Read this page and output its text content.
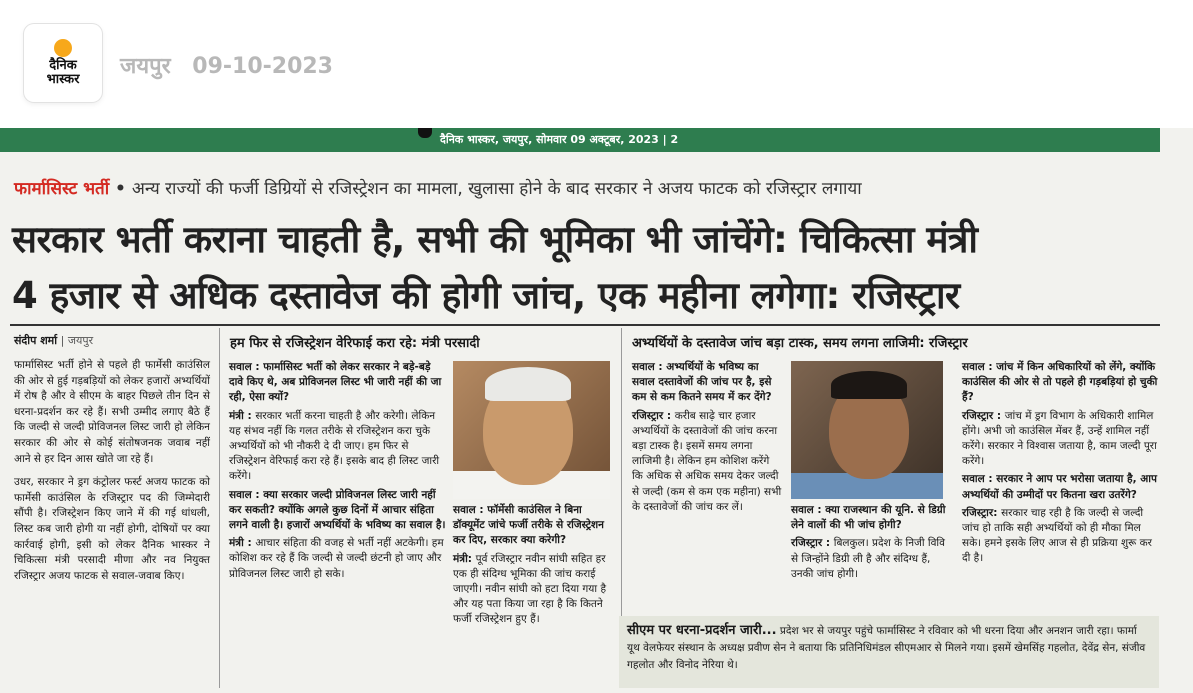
दैनिक
भास्कर
जयपुर 09-10-2023
दैनिक भास्कर, जयपुर, सोमवार 09 अक्टूबर, 2023 | 2
फार्मासिस्ट भर्ती • अन्य राज्यों की फर्जी डिग्रियों से रजिस्ट्रेशन का मामला, खुलासा होने के बाद सरकार ने अजय फाटक को रजिस्ट्रार लगाया
सरकार भर्ती कराना चाहती है, सभी की भूमिका भी जांचेंगे: चिकित्सा मंत्री
4 हजार से अधिक दस्तावेज की होगी जांच, एक महीना लगेगा: रजिस्ट्रार
संदीप शर्मा | जयपुर

फार्मासिस्ट भर्ती होने से पहले ही फार्मेसी काउंसिल की ओर से हुई गड़बड़ियों को लेकर हजारों अभ्यर्थियों में रोष है और वे सीएम के बाहर पिछले तीन दिन से धरना-प्रदर्शन कर रहे हैं। सभी उम्मीद लगाए बैठे हैं कि जल्दी से जल्दी प्रोविजनल लिस्ट जारी हो लेकिन सरकार की ओर से कोई संतोषजनक जवाब नहीं आने से हर दिन आस खोते जा रहे हैं।

उधर, सरकार ने ड्रग कंट्रोलर फर्स्ट अजय फाटक को फार्मेसी काउंसिल के रजिस्ट्रार पद की जिम्मेदारी सौंपी है। रजिस्ट्रेशन किए जाने में की गई धांधली, लिस्ट कब जारी होगी या नहीं होगी, दोषियों पर क्या कार्रवाई होगी, इसी को लेकर दैनिक भास्कर ने चिकित्सा मंत्री परसादी मीणा और नव नियुक्त रजिस्ट्रार अजय फाटक से सवाल-जवाब किए।

हम फिर से रजिस्ट्रेशन वेरिफाई करा रहे: मंत्री परसादी	अभ्यर्थियों के दस्तावेज जांच बड़ा टास्क, समय लगना लाजिमी: रजिस्ट्रार

सवाल : फार्मासिस्ट भर्ती को लेकर सरकार ने बड़े-बड़े दावे किए थे, अब प्रोविजनल लिस्ट भी जारी नहीं की जा रही, ऐसा क्यों?

मंत्री : सरकार भर्ती करना चाहती है और करेगी। लेकिन यह संभव नहीं कि गलत तरीके से रजिस्ट्रेशन करा चुके अभ्यर्थियों को भी नौकरी दे दी जाए। हम फिर से रजिस्ट्रेशन वेरिफाई करा रहे हैं। इसके बाद ही लिस्ट जारी करेंगे।

सवाल : क्या सरकार जल्दी प्रोविजनल लिस्ट जारी नहीं कर सकती? क्योंकि अगले कुछ दिनों में आचार संहिता लगने वाली है। हजारों अभ्यर्थियों के भविष्य का सवाल है।

मंत्री : आचार संहिता की वजह से भर्ती नहीं अटकेगी। हम कोशिश कर रहे हैं कि जल्दी से जल्दी छंटनी हो जाए और प्रोविजनल लिस्ट जारी हो सके।

सवाल : फॉर्मेसी काउंसिल ने बिना डॉक्यूमेंट जांचे फर्जी तरीके से रजिस्ट्रेशन कर दिए, सरकार क्या करेगी?

मंत्री: पूर्व रजिस्ट्रार नवीन सांघी सहित हर एक ही संदिग्ध भूमिका की जांच कराई जाएगी। नवीन सांघी को हटा दिया गया है और यह पता किया जा रहा है कि कितने फर्जी रजिस्ट्रेशन हुए हैं।

सवाल : अभ्यर्थियों के भविष्य का सवाल दस्तावेजों की जांच पर है, इसे कम से कम कितने समय में कर देंगे?

रजिस्ट्रार : करीब साढ़े चार हजार अभ्यर्थियों के दस्तावेजों की जांच करना बड़ा टास्क है। इसमें समय लगना लाजिमी है। लेकिन हम कोशिश करेंगे कि अधिक से अधिक समय देकर जल्दी से जल्दी (कम से कम एक महीना) सभी के दस्तावेजों की जांच कर लें।	सवाल : क्या राजस्थान की यूनि. से डिग्री लेने वालों की भी जांच होगी?

रजिस्ट्रार : बिलकुल। प्रदेश के निजी विवि से जिन्होंने डिग्री ली है और संदिग्ध हैं, उनकी जांच होगी।

सवाल : जांच में किन अधिकारियों को लेंगे, क्योंकि काउंसिल की ओर से तो पहले ही गड़बड़ियां हो चुकी हैं?

रजिस्ट्रार : जांच में ड्रग विभाग के अधिकारी शामिल होंगे। अभी जो काउंसिल मेंबर हैं, उन्हें शामिल नहीं करेंगे। सरकार ने विश्वास जताया है, काम जल्दी पूरा करेंगे।

सवाल : सरकार ने आप पर भरोसा जताया है, आप अभ्यर्थियों की उम्मीदों पर कितना खरा उतरेंगे?

रजिस्ट्रार: सरकार चाह रही है कि जल्दी से जल्दी जांच हो ताकि सही अभ्यर्थियों को ही मौका मिल सके। हमने इसके लिए आज से ही प्रक्रिया शुरू कर दी है।

सीएम पर धरना-प्रदर्शन जारी... प्रदेश भर से जयपुर पहुंचे फार्मासिस्ट ने रविवार को भी धरना दिया और अनशन जारी रहा। फार्मा यूथ वेलफेयर संस्थान के अध्यक्ष प्रवीण सेन ने बताया कि प्रतिनिधिमंडल सीएमआर से मिलने गया। इसमें खेमसिंह गहलोत, देवेंद्र सेन, संजीव गहलोत और विनोद नेरिया थे।
